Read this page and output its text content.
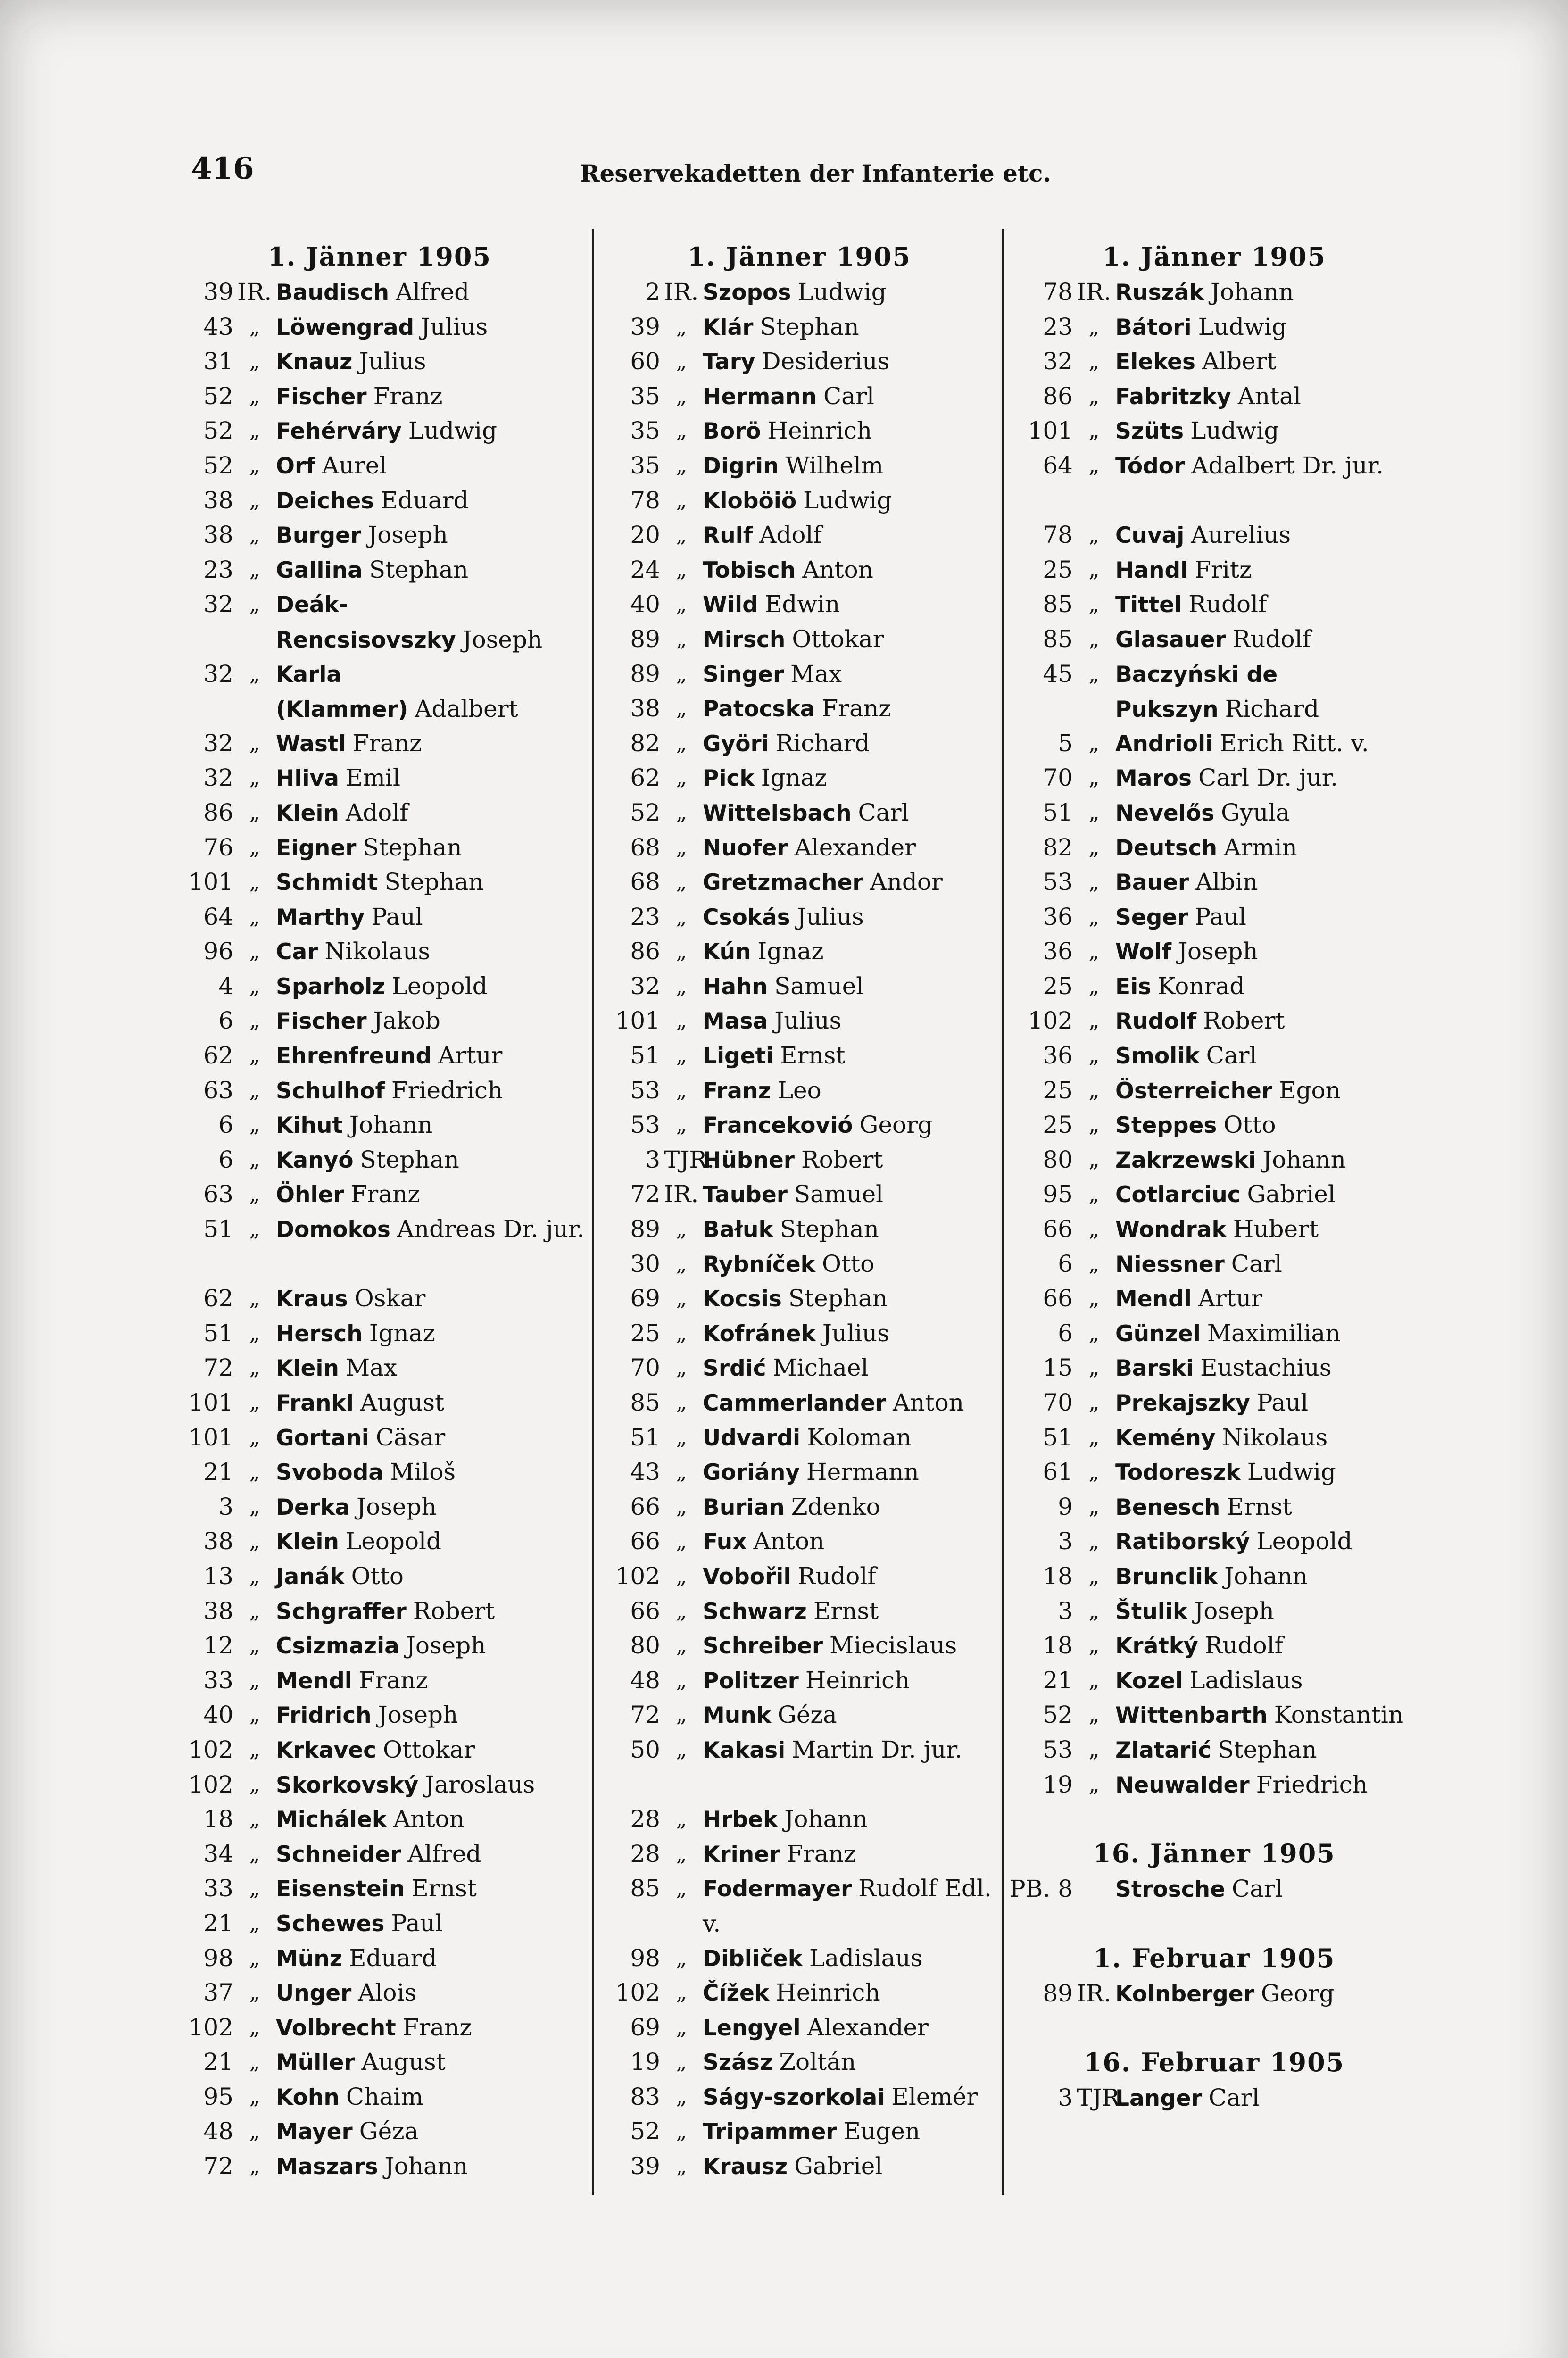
416	Reservekadetten der Infanterie etc.
1. Jänner 1905
39 IR. Baudisch Alfred
43 „ Löwengrad Julius
31 „ Knauz Julius
52 „ Fischer Franz
52 „ Fehérváry Ludwig
52 „ Orf Aurel
38 „ Deiches Eduard
38 „ Burger Joseph
23 „ Gallina Stephan
32 „ Deák-Rencsisovszky Joseph
32 „ Karla (Klammer) Adalbert
32 „ Wastl Franz
32 „ Hliva Emil
86 „ Klein Adolf
76 „ Eigner Stephan
101 „ Schmidt Stephan
64 „ Marthy Paul
96 „ Car Nikolaus
4 „ Sparholz Leopold
6 „ Fischer Jakob
62 „ Ehrenfreund Artur
63 „ Schulhof Friedrich
6 „ Kihut Johann
6 „ Kanyó Stephan
63 „ Öhler Franz
51 „ Domokos Andreas Dr. jur.
62 „ Kraus Oskar
51 „ Hersch Ignaz
72 „ Klein Max
101 „ Frankl August
101 „ Gortani Cäsar
21 „ Svoboda Miloš
3 „ Derka Joseph
38 „ Klein Leopold
13 „ Janák Otto
38 „ Schgraffer Robert
12 „ Csizmazia Joseph
33 „ Mendl Franz
40 „ Fridrich Joseph
102 „ Krkavec Ottokar
102 „ Skorkovský Jaroslaus
18 „ Michálek Anton
34 „ Schneider Alfred
33 „ Eisenstein Ernst
21 „ Schewes Paul
98 „ Münz Eduard
37 „ Unger Alois
102 „ Volbrecht Franz
21 „ Müller August
95 „ Kohn Chaim
48 „ Mayer Géza
72 „ Maszars Johann
1. Jänner 1905
2 IR. Szopos Ludwig
39 „ Klár Stephan
60 „ Tary Desiderius
35 „ Hermann Carl
35 „ Borö Heinrich
35 „ Digrin Wilhelm
78 „ Kloböiö Ludwig
20 „ Rulf Adolf
24 „ Tobisch Anton
40 „ Wild Edwin
89 „ Mirsch Ottokar
89 „ Singer Max
38 „ Patocska Franz
82 „ Györi Richard
62 „ Pick Ignaz
52 „ Wittelsbach Carl
68 „ Nuofer Alexander
68 „ Gretzmacher Andor
23 „ Csokás Julius
86 „ Kún Ignaz
32 „ Hahn Samuel
101 „ Masa Julius
51 „ Ligeti Ernst
53 „ Franz Leo
53 „ Francekovió Georg
3 TJR.
Hübner Robert
72 IR. Tauber Samuel
89 „ Bałuk Stephan
30 „ Rybníček Otto
69 „ Kocsis Stephan
25 „ Kofránek Julius
70 „ Srdić Michael
85 „ Cammerlander Anton
51 „ Udvardi Koloman
43 „ Goriány Hermann
66 „ Burian Zdenko
66 „ Fux Anton
102 „ Vobořil Rudolf
66 „ Schwarz Ernst
80 „ Schreiber Miecislaus
48 „ Politzer Heinrich
72 „ Munk Géza
50 „ Kakasi Martin Dr. jur.
28 „ Hrbek Johann
28 „ Kriner Franz
85 „ Fodermayer Rudolf Edl. v.
98 „ Dibliček Ladislaus
102 „ Čížek Heinrich
69 „ Lengyel Alexander
19 „ Szász Zoltán
83 „ Ságy-szorkolai Elemér
52 „ Tripammer Eugen
39 „ Krausz Gabriel
1. Jänner 1905
78 IR. Ruszák Johann
23 „ Bátori Ludwig
32 „ Elekes Albert
86 „ Fabritzky Antal
101 „ Szüts Ludwig
64 „ Tódor Adalbert Dr. jur.
78 „ Cuvaj Aurelius
25 „ Handl Fritz
85 „ Tittel Rudolf
85 „ Glasauer Rudolf
45 „ Baczyński de Pukszyn Richard
5 „ Andrioli Erich Ritt. v.
70 „ Maros Carl Dr. jur.
51 „ Nevelős Gyula
82 „ Deutsch Armin
53 „ Bauer Albin
36 „ Seger Paul
36 „ Wolf Joseph
25 „ Eis Konrad
102 „ Rudolf Robert
36 „ Smolik Carl
25 „ Österreicher Egon
25 „ Steppes Otto
80 „ Zakrzewski Johann
95 „ Cotlarciuc Gabriel
66 „ Wondrak Hubert
6 „ Niessner Carl
66 „ Mendl Artur
6 „ Günzel Maximilian
15 „ Barski Eustachius
70 „ Prekajszky Paul
51 „ Kemény Nikolaus
61 „ Todoreszk Ludwig
9 „ Benesch Ernst
3 „ Ratiborský Leopold
18 „ Brunclik Johann
3 „ Štulik Joseph
18 „ Krátký Rudolf
21 „ Kozel Ladislaus
52 „ Wittenbarth Konstantin
53 „ Zlatarić Stephan
19 „ Neuwalder Friedrich
16. Jänner 1905
PB. 8 Strosche Carl
1. Februar 1905
89 IR. Kolnberger Georg
16. Februar 1905
3 TJR.
Langer Carl
